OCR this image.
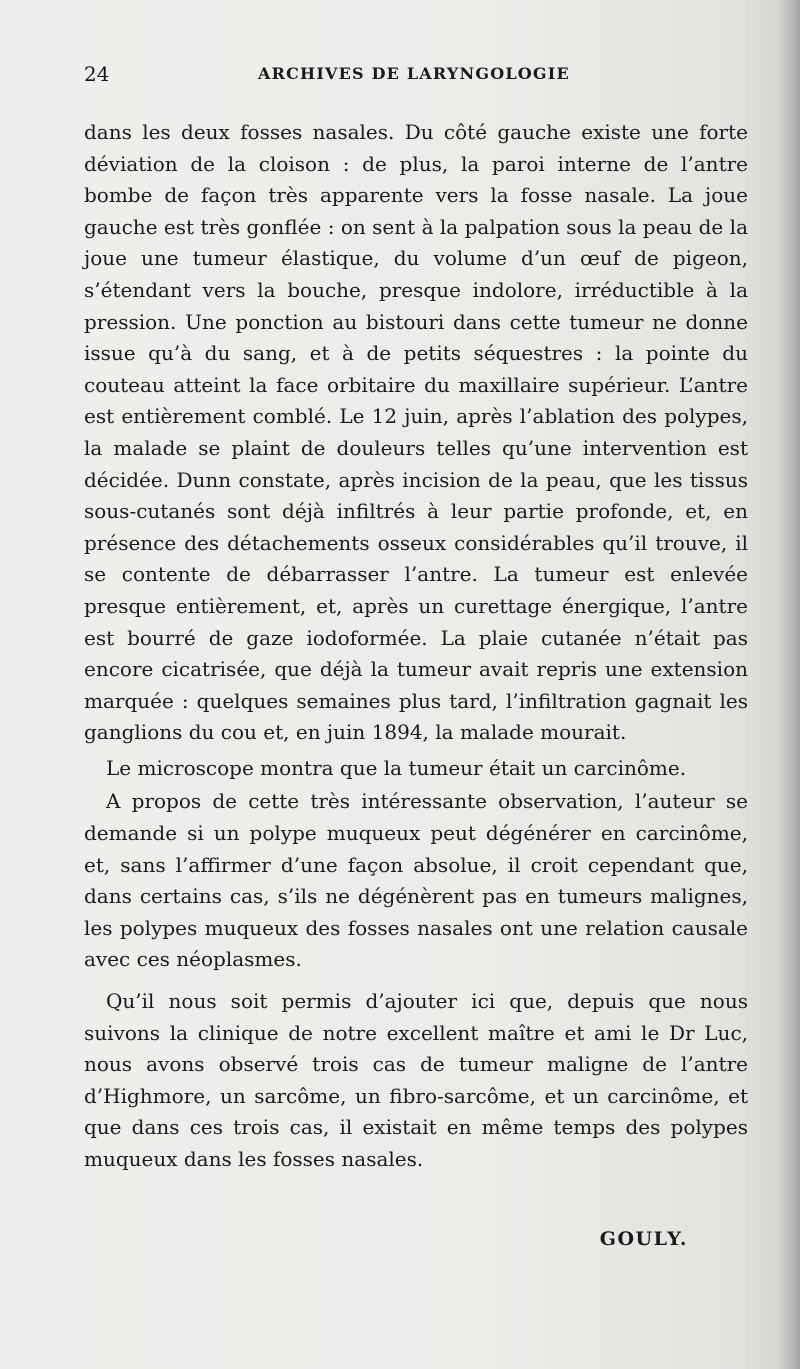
24	ARCHIVES DE LARYNGOLOGIE

dans les deux fosses nasales. Du côté gauche existe une forte déviation de la cloison : de plus, la paroi interne de l’antre bombe de façon très apparente vers la fosse nasale. La joue gauche est très gonflée : on sent à la palpation sous la peau de la joue une tumeur élastique, du volume d’un œuf de pigeon, s’étendant vers la bouche, presque indolore, irréductible à la pression. Une ponction au bistouri dans cette tumeur ne donne issue qu’à du sang, et à de petits séquestres : la pointe du couteau atteint la face orbitaire du maxillaire supérieur. L’antre est entièrement comblé. Le 12 juin, après l’ablation des polypes, la malade se plaint de douleurs telles qu’une intervention est décidée. Dunn constate, après incision de la peau, que les tissus sous-cutanés sont déjà infiltrés à leur partie profonde, et, en présence des détachements osseux considérables qu’il trouve, il se contente de débarrasser l’antre. La tumeur est enlevée presque entièrement, et, après un curettage énergique, l’antre est bourré de gaze iodoformée. La plaie cutanée n’était pas encore cicatrisée, que déjà la tumeur avait repris une extension marquée : quelques semaines plus tard, l’infiltration gagnait les ganglions du cou et, en juin 1894, la malade mourait.

Le microscope montra que la tumeur était un carcinôme.

A propos de cette très intéressante observation, l’auteur se demande si un polype muqueux peut dégénérer en carcinôme, et, sans l’affirmer d’une façon absolue, il croit cependant que, dans certains cas, s’ils ne dégénèrent pas en tumeurs malignes, les polypes muqueux des fosses nasales ont une relation causale avec ces néoplasmes.

Qu’il nous soit permis d’ajouter ici que, depuis que nous suivons la clinique de notre excellent maître et ami le Dr Luc, nous avons observé trois cas de tumeur maligne de l’antre d’Highmore, un sarcôme, un fibro-sarcôme, et un carcinôme, et que dans ces trois cas, il existait en même temps des polypes muqueux dans les fosses nasales.

GOULY.
